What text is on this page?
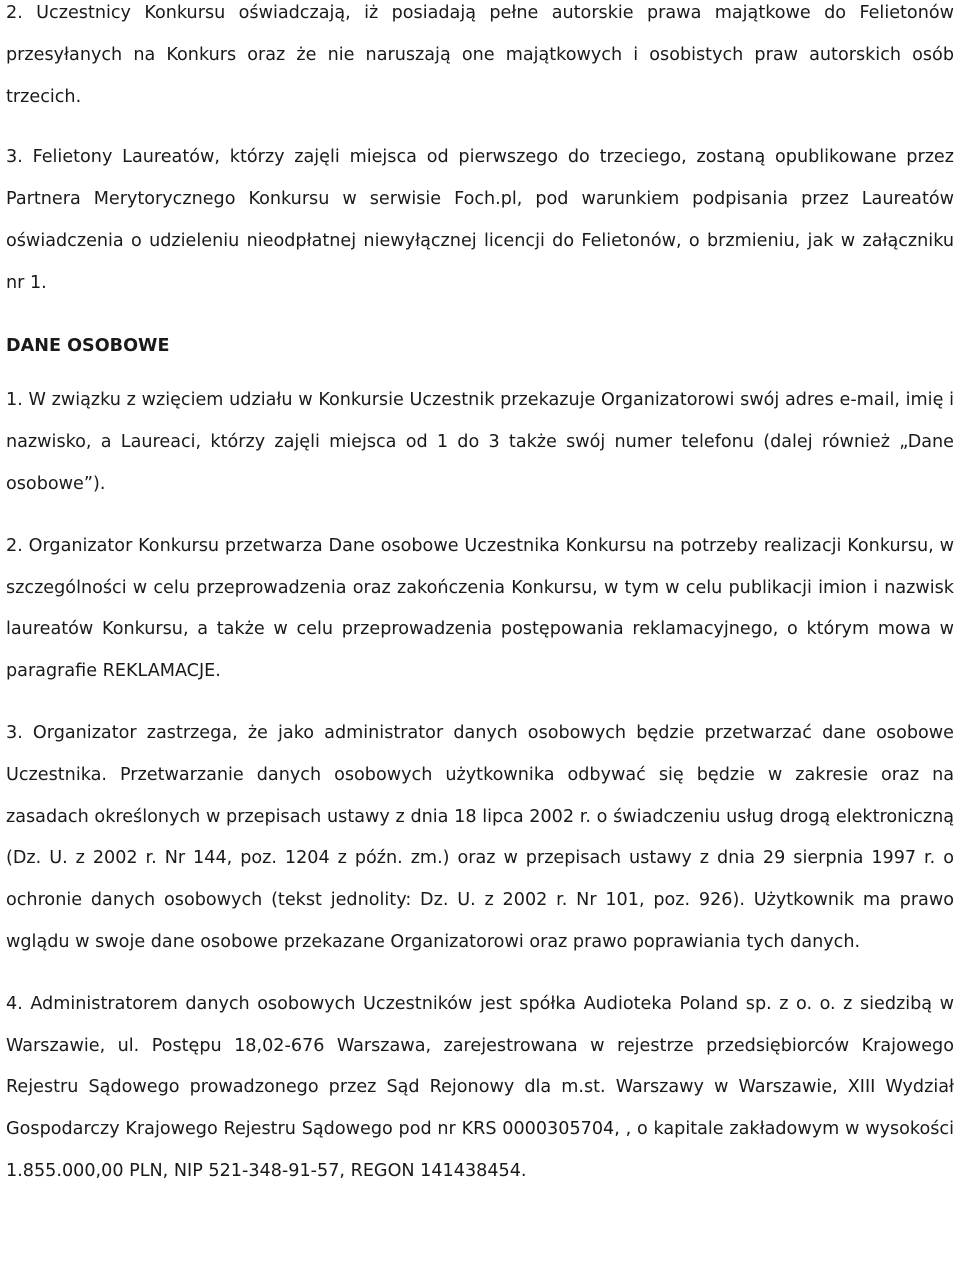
2. Uczestnicy Konkursu oświadczają, iż posiadają pełne autorskie prawa majątkowe do Felietonów przesyłanych na Konkurs oraz że nie naruszają one majątkowych i osobistych praw autorskich osób trzecich.

3. Felietony Laureatów, którzy zajęli miejsca od pierwszego do trzeciego, zostaną opublikowane przez Partnera Merytorycznego Konkursu w serwisie Foch.pl, pod warunkiem podpisania przez Laureatów oświadczenia o udzieleniu nieodpłatnej niewyłącznej licencji do Felietonów, o brzmieniu, jak w załączniku nr 1.

DANE OSOBOWE

1. W związku z wzięciem udziału w Konkursie Uczestnik przekazuje Organizatorowi swój adres e-mail, imię i nazwisko, a Laureaci, którzy zajęli miejsca od 1 do 3 także swój numer telefonu (dalej również „Dane osobowe”).

2. Organizator Konkursu przetwarza Dane osobowe Uczestnika Konkursu na potrzeby realizacji Konkursu, w szczególności w celu przeprowadzenia oraz zakończenia Konkursu, w tym w celu publikacji imion i nazwisk laureatów Konkursu, a także w celu przeprowadzenia postępowania reklamacyjnego, o którym mowa w paragrafie REKLAMACJE.

3. Organizator zastrzega, że jako administrator danych osobowych będzie przetwarzać dane osobowe Uczestnika. Przetwarzanie danych osobowych użytkownika odbywać się będzie w zakresie oraz na zasadach określonych w przepisach ustawy z dnia 18 lipca 2002 r. o świadczeniu usług drogą elektroniczną (Dz. U. z 2002 r. Nr 144, poz. 1204 z późn. zm.) oraz w przepisach ustawy z dnia 29 sierpnia 1997 r. o ochronie danych osobowych (tekst jednolity: Dz. U. z 2002 r. Nr 101, poz. 926). Użytkownik ma prawo wglądu w swoje dane osobowe przekazane Organizatorowi oraz prawo poprawiania tych danych.

4. Administratorem danych osobowych Uczestników jest spółka Audioteka Poland sp. z o. o. z siedzibą w Warszawie, ul. Postępu 18,02-676 Warszawa, zarejestrowana w rejestrze przedsiębiorców Krajowego Rejestru Sądowego prowadzonego przez Sąd Rejonowy dla m.st. Warszawy w Warszawie, XIII Wydział Gospodarczy Krajowego Rejestru Sądowego pod nr KRS 0000305704, , o kapitale zakładowym w wysokości 1.855.000,00 PLN, NIP 521-348-91-57, REGON 141438454.
